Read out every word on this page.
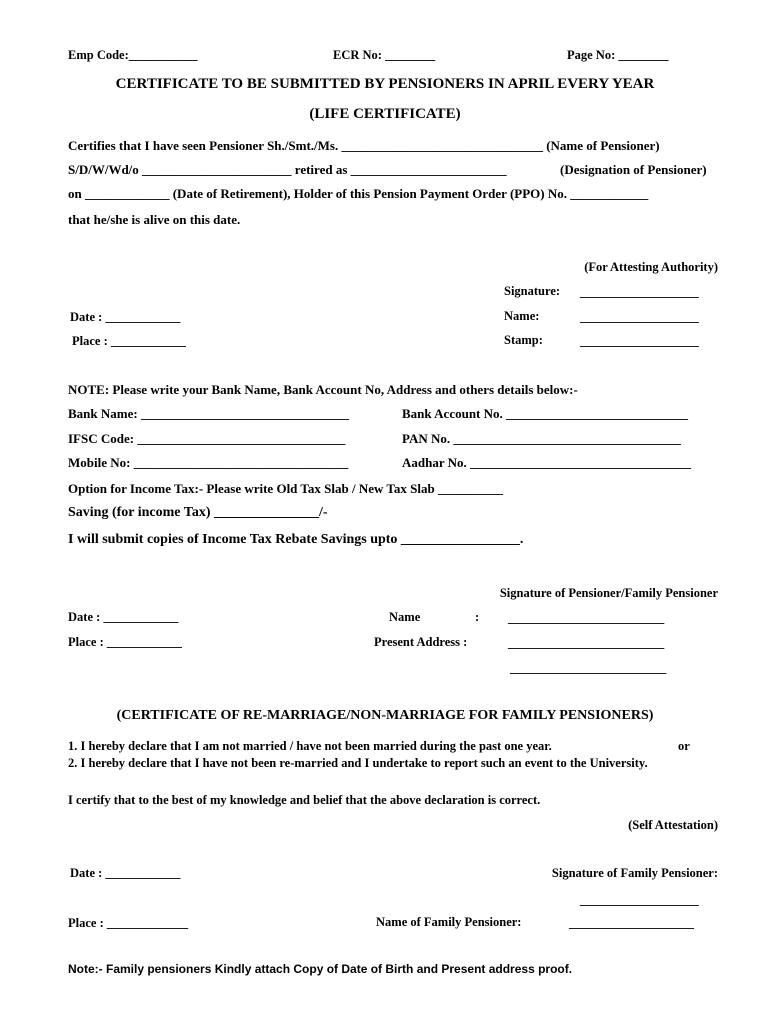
Emp Code:___________	ECR No: ________	Page No: ________
CERTIFICATE TO BE SUBMITTED BY PENSIONERS IN APRIL EVERY YEAR
(LIFE CERTIFICATE)
Certifies that I have seen Pensioner Sh./Smt./Ms. _______________________________ (Name of Pensioner)
S/D/W/Wd/o _______________________ retired as ________________________	(Designation of Pensioner)
on _____________ (Date of Retirement), Holder of this Pension Payment Order (PPO) No. ____________
that he/she is alive on this date.
(For Attesting Authority)
Signature: ___________________
Date : ____________	Name:	___________________
Place : ____________	Stamp:	___________________
NOTE: Please write your Bank Name, Bank Account No, Address and others details below:-
Bank Name: ________________________________	Bank Account No. ____________________________
IFSC Code: ________________________________	PAN No. ___________________________________
Mobile No: _________________________________	Aadhar No. __________________________________
Option for Income Tax:- Please write Old Tax Slab / New Tax Slab __________
Saving (for income Tax) _______________/-
I will submit copies of Income Tax Rebate Savings upto _________________.
Signature of Pensioner/Family Pensioner
Date : ____________	Name	: _________________________
Place : ____________	Present Address :	_________________________
_________________________
(CERTIFICATE OF RE-MARRIAGE/NON-MARRIAGE FOR FAMILY PENSIONERS)
1. I hereby declare that I am not married / have not been married during the past one year.	or
2. I hereby declare that I have not been re-married and I undertake to report such an event to the University.
I certify that to the best of my knowledge and belief that the above declaration is correct.
(Self Attestation)
Date : ____________	Signature of Family Pensioner:
___________________
Place : _____________	Name of Family Pensioner:	____________________
Note:- Family pensioners Kindly attach Copy of Date of Birth and Present address proof.
